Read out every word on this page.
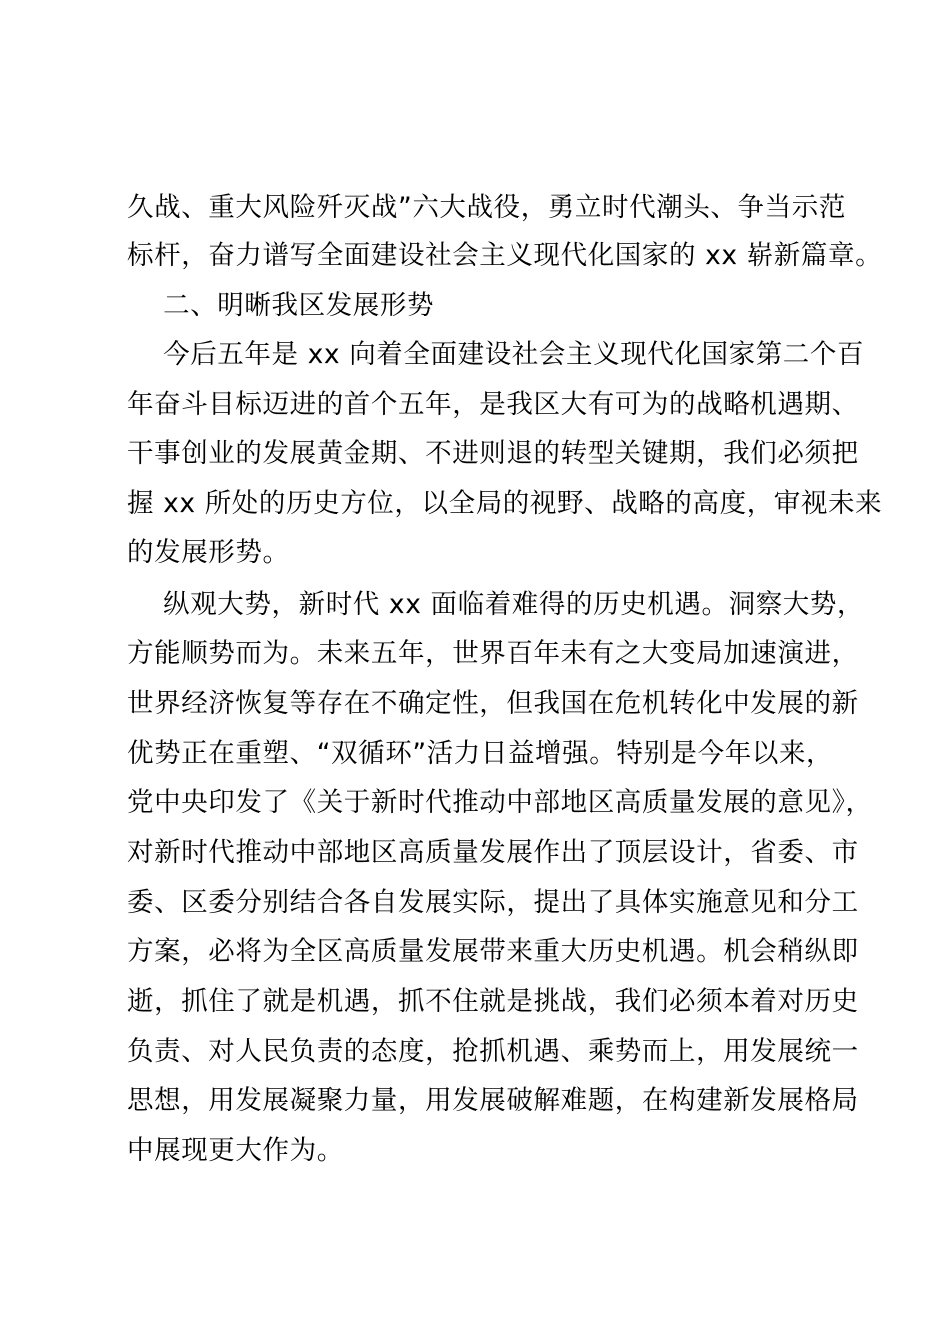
久战、重大风险歼灭战”六大战役，勇立时代潮头、争当示范
标杆，奋力谱写全面建设社会主义现代化国家的 xx 崭新篇章。
二、明晰我区发展形势
今后五年是 xx 向着全面建设社会主义现代化国家第二个百
年奋斗目标迈进的首个五年，是我区大有可为的战略机遇期、
干事创业的发展黄金期、不进则退的转型关键期，我们必须把
握 xx 所处的历史方位，以全局的视野、战略的高度，审视未来
的发展形势。
纵观大势，新时代 xx 面临着难得的历史机遇。洞察大势，
方能顺势而为。未来五年，世界百年未有之大变局加速演进，
世界经济恢复等存在不确定性，但我国在危机转化中发展的新
优势正在重塑、“双循环”活力日益增强。特别是今年以来，
党中央印发了《关于新时代推动中部地区高质量发展的意见》，
对新时代推动中部地区高质量发展作出了顶层设计，省委、市
委、区委分别结合各自发展实际，提出了具体实施意见和分工
方案，必将为全区高质量发展带来重大历史机遇。机会稍纵即
逝，抓住了就是机遇，抓不住就是挑战，我们必须本着对历史
负责、对人民负责的态度，抢抓机遇、乘势而上，用发展统一
思想，用发展凝聚力量，用发展破解难题，在构建新发展格局
中展现更大作为。
